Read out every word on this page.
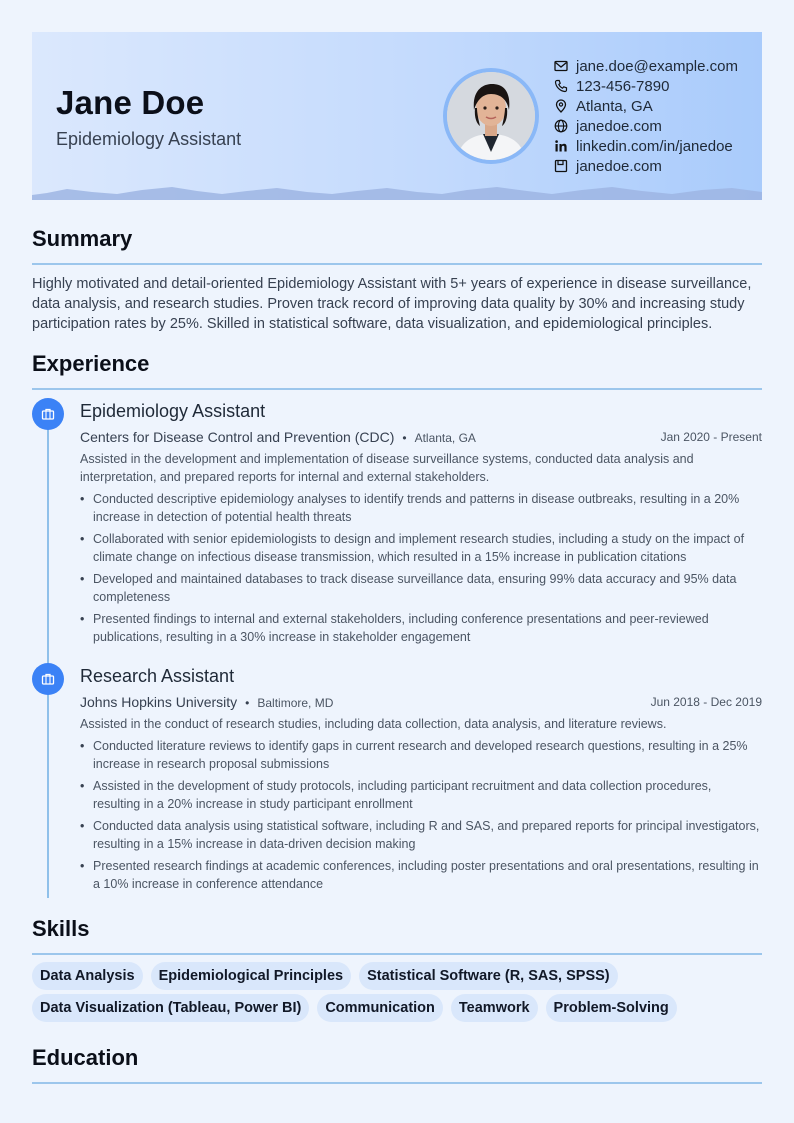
Jane Doe
Epidemiology Assistant
jane.doe@example.com
123-456-7890
Atlanta, GA
janedoe.com
linkedin.com/in/janedoe
janedoe.com
Summary
Highly motivated and detail-oriented Epidemiology Assistant with 5+ years of experience in disease surveillance, data analysis, and research studies. Proven track record of improving data quality by 30% and increasing study participation rates by 25%. Skilled in statistical software, data visualization, and epidemiological principles.
Experience
Epidemiology Assistant
Centers for Disease Control and Prevention (CDC) • Atlanta, GA	Jan 2020 - Present
Assisted in the development and implementation of disease surveillance systems, conducted data analysis and interpretation, and prepared reports for internal and external stakeholders.
• Conducted descriptive epidemiology analyses to identify trends and patterns in disease outbreaks, resulting in a 20% increase in detection of potential health threats
• Collaborated with senior epidemiologists to design and implement research studies, including a study on the impact of climate change on infectious disease transmission, which resulted in a 15% increase in publication citations
• Developed and maintained databases to track disease surveillance data, ensuring 99% data accuracy and 95% data completeness
• Presented findings to internal and external stakeholders, including conference presentations and peer-reviewed publications, resulting in a 30% increase in stakeholder engagement
Research Assistant
Johns Hopkins University • Baltimore, MD	Jun 2018 - Dec 2019
Assisted in the conduct of research studies, including data collection, data analysis, and literature reviews.
• Conducted literature reviews to identify gaps in current research and developed research questions, resulting in a 25% increase in research proposal submissions
• Assisted in the development of study protocols, including participant recruitment and data collection procedures, resulting in a 20% increase in study participant enrollment
• Conducted data analysis using statistical software, including R and SAS, and prepared reports for principal investigators, resulting in a 15% increase in data-driven decision making
• Presented research findings at academic conferences, including poster presentations and oral presentations, resulting in a 10% increase in conference attendance
Skills
Data Analysis	Epidemiological Principles	Statistical Software (R, SAS, SPSS)
Data Visualization (Tableau, Power BI)	Communication	Teamwork	Problem-Solving
Education
